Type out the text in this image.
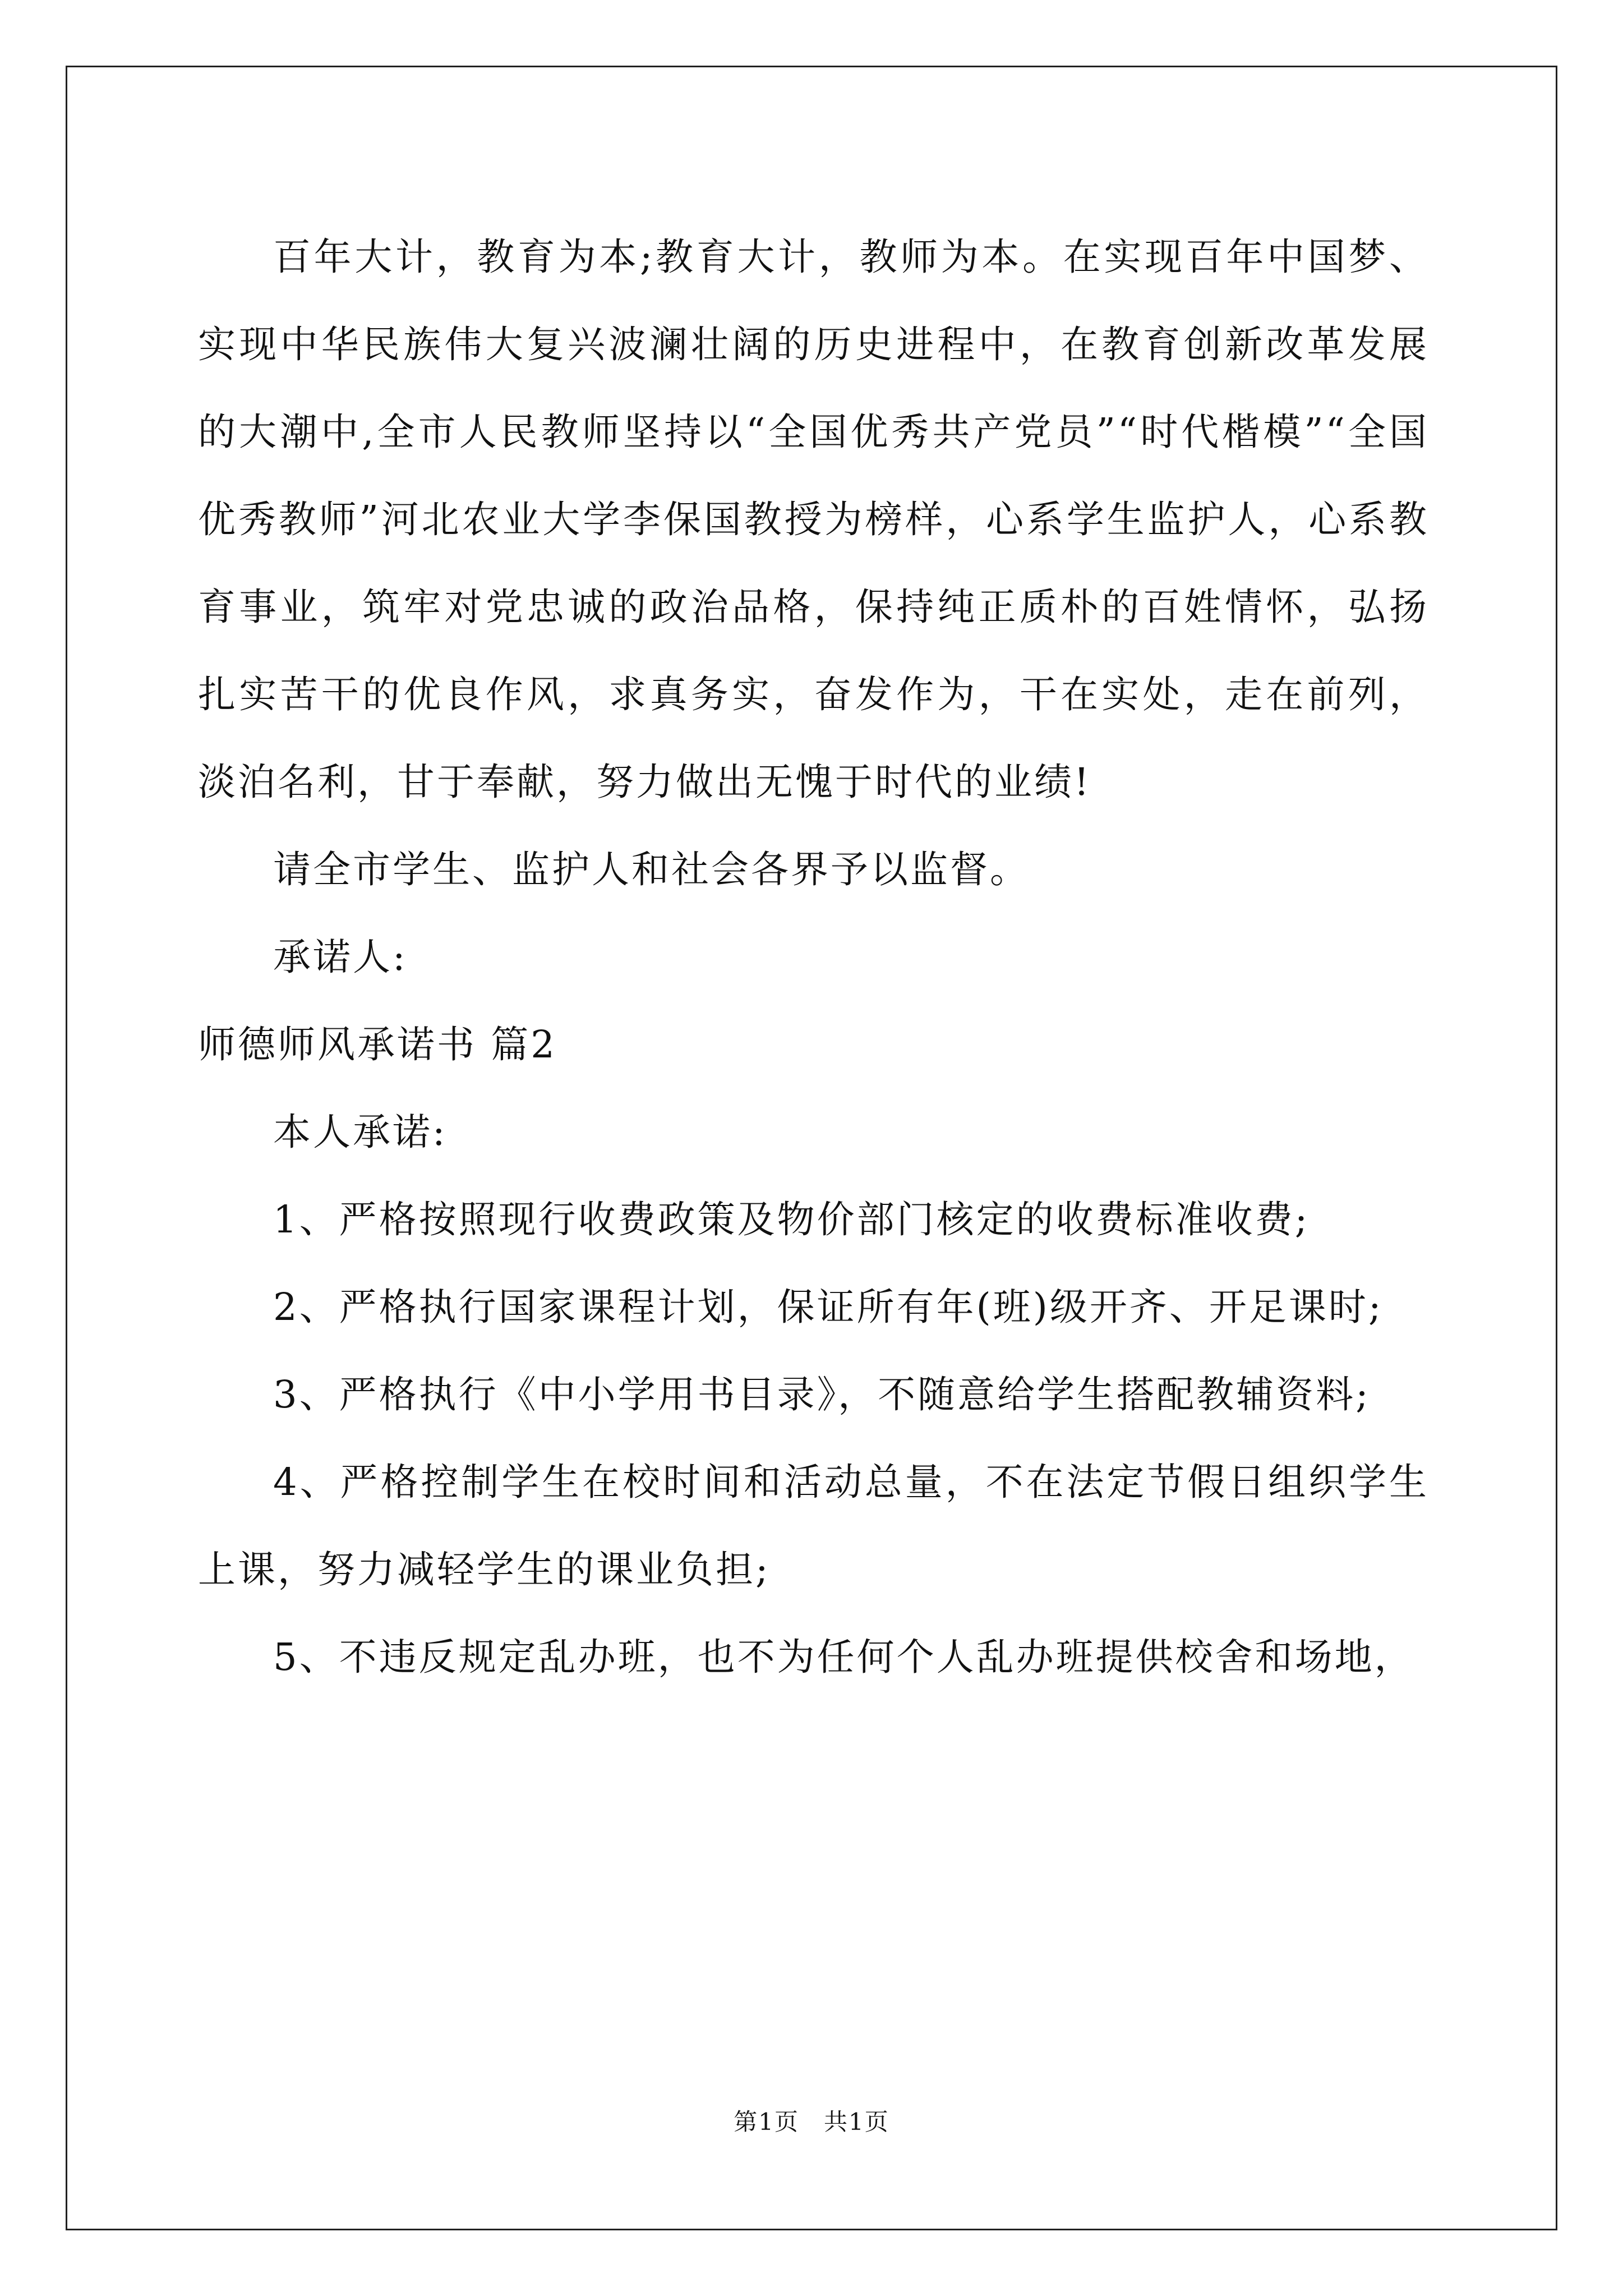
百年大计，教育为本;教育大计，教师为本。在实现百年中国梦、实现中华民族伟大复兴波澜壮阔的历史进程中，在教育创新改革发展的大潮中,全市人民教师坚持以“全国优秀共产党员”“时代楷模”“全国优秀教师”河北农业大学李保国教授为榜样，心系学生监护人，心系教育事业，筑牢对党忠诚的政治品格，保持纯正质朴的百姓情怀，弘扬扎实苦干的优良作风，求真务实，奋发作为，干在实处，走在前列，淡泊名利，甘于奉献，努力做出无愧于时代的业绩!

请全市学生、监护人和社会各界予以监督。

承诺人:

师德师风承诺书 篇2

本人承诺:

1、严格按照现行收费政策及物价部门核定的收费标准收费;

2、严格执行国家课程计划，保证所有年(班)级开齐、开足课时;

3、严格执行《中小学用书目录》，不随意给学生搭配教辅资料;

4、严格控制学生在校时间和活动总量，不在法定节假日组织学生上课，努力减轻学生的课业负担;

5、不违反规定乱办班，也不为任何个人乱办班提供校舍和场地，

第1页　共1页
